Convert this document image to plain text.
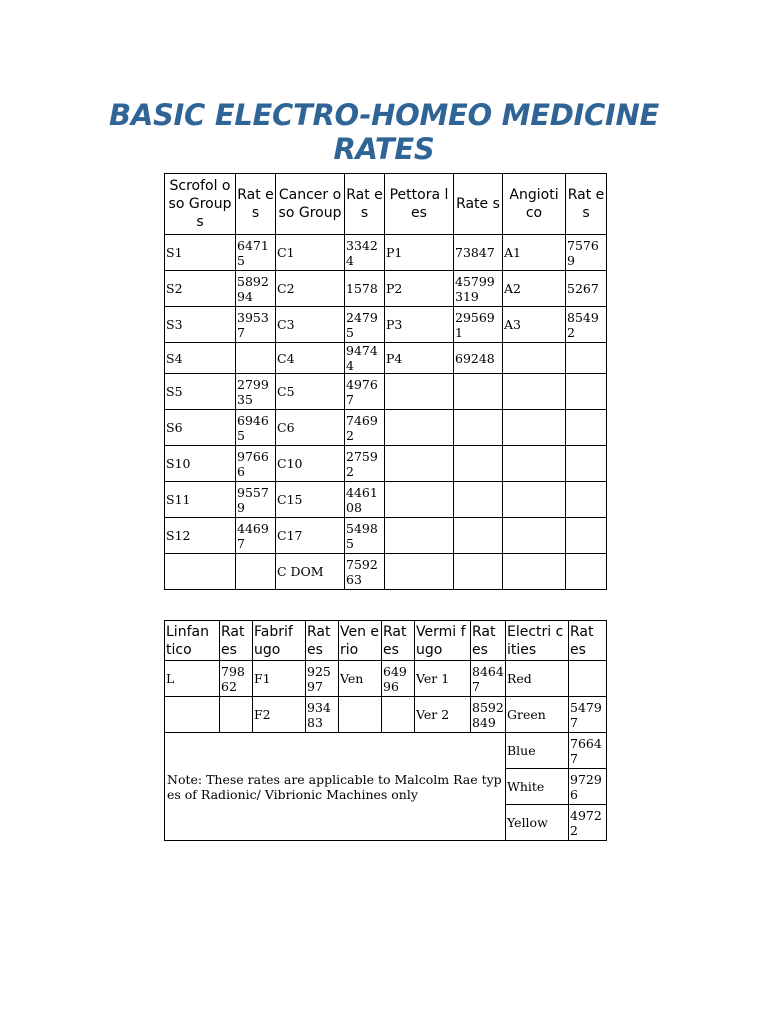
BASIC ELECTRO-HOMEO MEDICINE
RATES
Scrofol oso Groups	Rat es	Cancer oso Group	Rat es	Pettora les	Rate s	Angioti co	Rat es
S1	64715	C1	33424	P1	73847	A1	75769
S2	589294	C2	1578	P2	45799319	A2	5267
S3	39537	C3	24795	P3	295691	A3	85492
S4		C4	94744	P4	69248		
S5	279935	C5	49767				
S6	69465	C6	74692				
S10	97666	C10	27592				
S11	95579	C15	446108				
S12	44697	C17	54985				
		C DOM	759263				
Linfan tico	Rat es	Fabrif ugo	Rat es	Ven erio	Rat es	Vermi fugo	Rat es	Electri cities	Rat es
L	79862	F1	92597	Ven	64996	Ver 1	84647	Red	
		F2	93483			Ver 2	8592849	Green	54797
Note: These rates are applicable to Malcolm Rae types of Radionic/ Vibrionic Machines only								Blue	76647
								White	97296
								Yellow	49722
